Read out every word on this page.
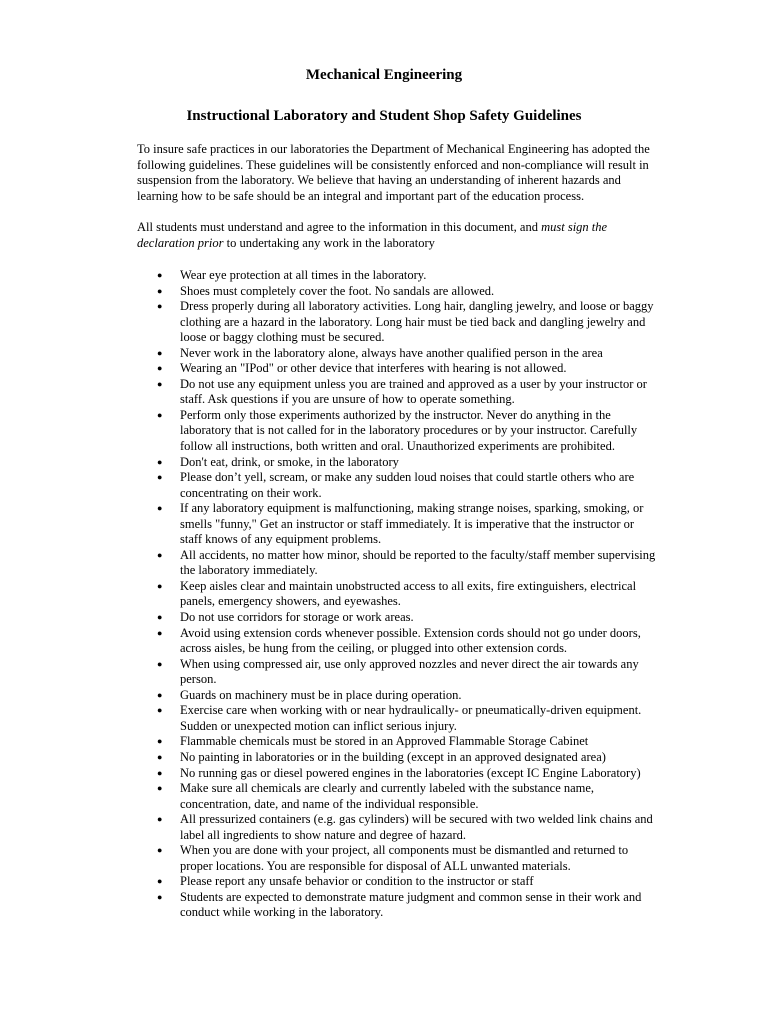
Mechanical Engineering
Instructional Laboratory and Student Shop Safety Guidelines

To insure safe practices in our laboratories the Department of Mechanical Engineering has adopted the following guidelines. These guidelines will be consistently enforced and non-compliance will result in suspension from the laboratory. We believe that having an understanding of inherent hazards and learning how to be safe should be an integral and important part of the education process.

All students must understand and agree to the information in this document, and must sign the declaration prior to undertaking any work in the laboratory

● Wear eye protection at all times in the laboratory.
● Shoes must completely cover the foot. No sandals are allowed.
● Dress properly during all laboratory activities. Long hair, dangling jewelry, and loose or baggy clothing are a hazard in the laboratory. Long hair must be tied back and dangling jewelry and loose or baggy clothing must be secured.
● Never work in the laboratory alone, always have another qualified person in the area
● Wearing an "IPod" or other device that interferes with hearing is not allowed.
● Do not use any equipment unless you are trained and approved as a user by your instructor or staff. Ask questions if you are unsure of how to operate something.
● Perform only those experiments authorized by the instructor. Never do anything in the laboratory that is not called for in the laboratory procedures or by your instructor. Carefully follow all instructions, both written and oral. Unauthorized experiments are prohibited.
● Don't eat, drink, or smoke, in the laboratory
● Please don’t yell, scream, or make any sudden loud noises that could startle others who are concentrating on their work.
● If any laboratory equipment is malfunctioning, making strange noises, sparking, smoking, or smells "funny," Get an instructor or staff immediately. It is imperative that the instructor or staff knows of any equipment problems.
● All accidents, no matter how minor, should be reported to the faculty/staff member supervising the laboratory immediately.
● Keep aisles clear and maintain unobstructed access to all exits, fire extinguishers, electrical panels, emergency showers, and eyewashes.
● Do not use corridors for storage or work areas.
● Avoid using extension cords whenever possible. Extension cords should not go under doors, across aisles, be hung from the ceiling, or plugged into other extension cords.
● When using compressed air, use only approved nozzles and never direct the air towards any person.
● Guards on machinery must be in place during operation.
● Exercise care when working with or near hydraulically- or pneumatically-driven equipment. Sudden or unexpected motion can inflict serious injury.
● Flammable chemicals must be stored in an Approved Flammable Storage Cabinet
● No painting in laboratories or in the building (except in an approved designated area)
● No running gas or diesel powered engines in the laboratories (except IC Engine Laboratory)
● Make sure all chemicals are clearly and currently labeled with the substance name, concentration, date, and name of the individual responsible.
● All pressurized containers (e.g. gas cylinders) will be secured with two welded link chains and label all ingredients to show nature and degree of hazard.
● When you are done with your project, all components must be dismantled and returned to proper locations. You are responsible for disposal of ALL unwanted materials.
● Please report any unsafe behavior or condition to the instructor or staff
● Students are expected to demonstrate mature judgment and common sense in their work and conduct while working in the laboratory.
